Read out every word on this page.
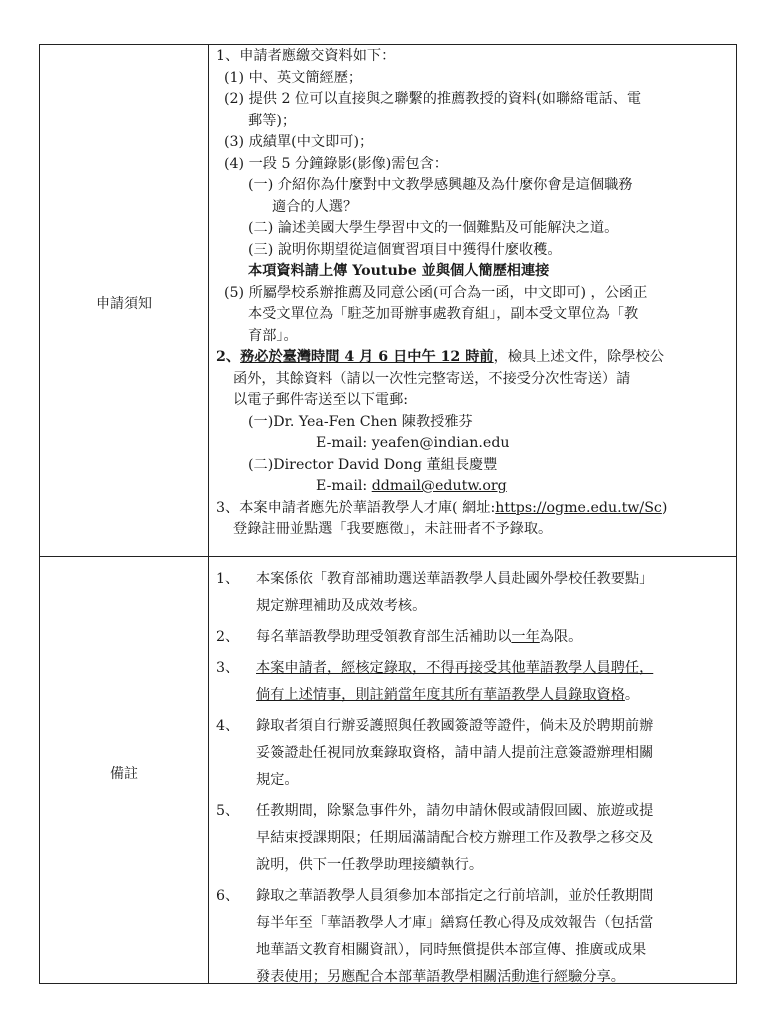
申請須知
備註

1、申請者應繳交資料如下：

(1) 中、英文簡經歷；

(2) 提供 2 位可以直接與之聯繫的推薦教授的資料(如聯絡電話、電

郵等)；

(3) 成績單(中文即可)；

(4) 一段 5 分鐘錄影(影像)需包含：

(一) 介紹你為什麼對中文教學感興趣及為什麼你會是這個職務

適合的人選？

(二) 論述美國大學生學習中文的一個難點及可能解決之道。

(三) 說明你期望從這個實習項目中獲得什麼收穫。

本項資料請上傳 Youtube 並與個人簡歷相連接

(5) 所屬學校系辦推薦及同意公函(可合為一函，中文即可) ，公函正

本受文單位為「駐芝加哥辦事處教育組」，副本受文單位為「教

育部」。

2、務必於臺灣時間 4 月 6 日中午 12 時前，檢具上述文件，除學校公

函外，其餘資料（請以一次性完整寄送，不接受分次性寄送）請

以電子郵件寄送至以下電郵:

(一)Dr. Yea-Fen Chen 陳教授雅芬

E-mail: yeafen@indian.edu

(二)Director David Dong 董組長慶豐

E-mail: ddmail@edutw.org

3、本案申請者應先於華語教學人才庫( 網址:https://ogme.edu.tw/Sc)

登錄註冊並點選「我要應徵」，未註冊者不予錄取。

1、 本案係依「教育部補助選送華語教學人員赴國外學校任教要點」
規定辦理補助及成效考核。
2、 每名華語教學助理受領教育部生活補助以一年為限。
3、 本案申請者，經核定錄取，不得再接受其他華語教學人員聘任，
倘有上述情事，則註銷當年度其所有華語教學人員錄取資格。
4、 錄取者須自行辦妥護照與任教國簽證等證件，倘未及於聘期前辦
妥簽證赴任視同放棄錄取資格，請申請人提前注意簽證辦理相關
規定。
5、 任教期間，除緊急事件外，請勿申請休假或請假回國、旅遊或提
早結束授課期限；任期屆滿請配合校方辦理工作及教學之移交及
說明，供下一任教學助理接續執行。
6、 錄取之華語教學人員須參加本部指定之行前培訓，並於任教期間
每半年至「華語教學人才庫」繕寫任教心得及成效報告（包括當
地華語文教育相關資訊），同時無償提供本部宣傳、推廣或成果
發表使用；另應配合本部華語教學相關活動進行經驗分享。
